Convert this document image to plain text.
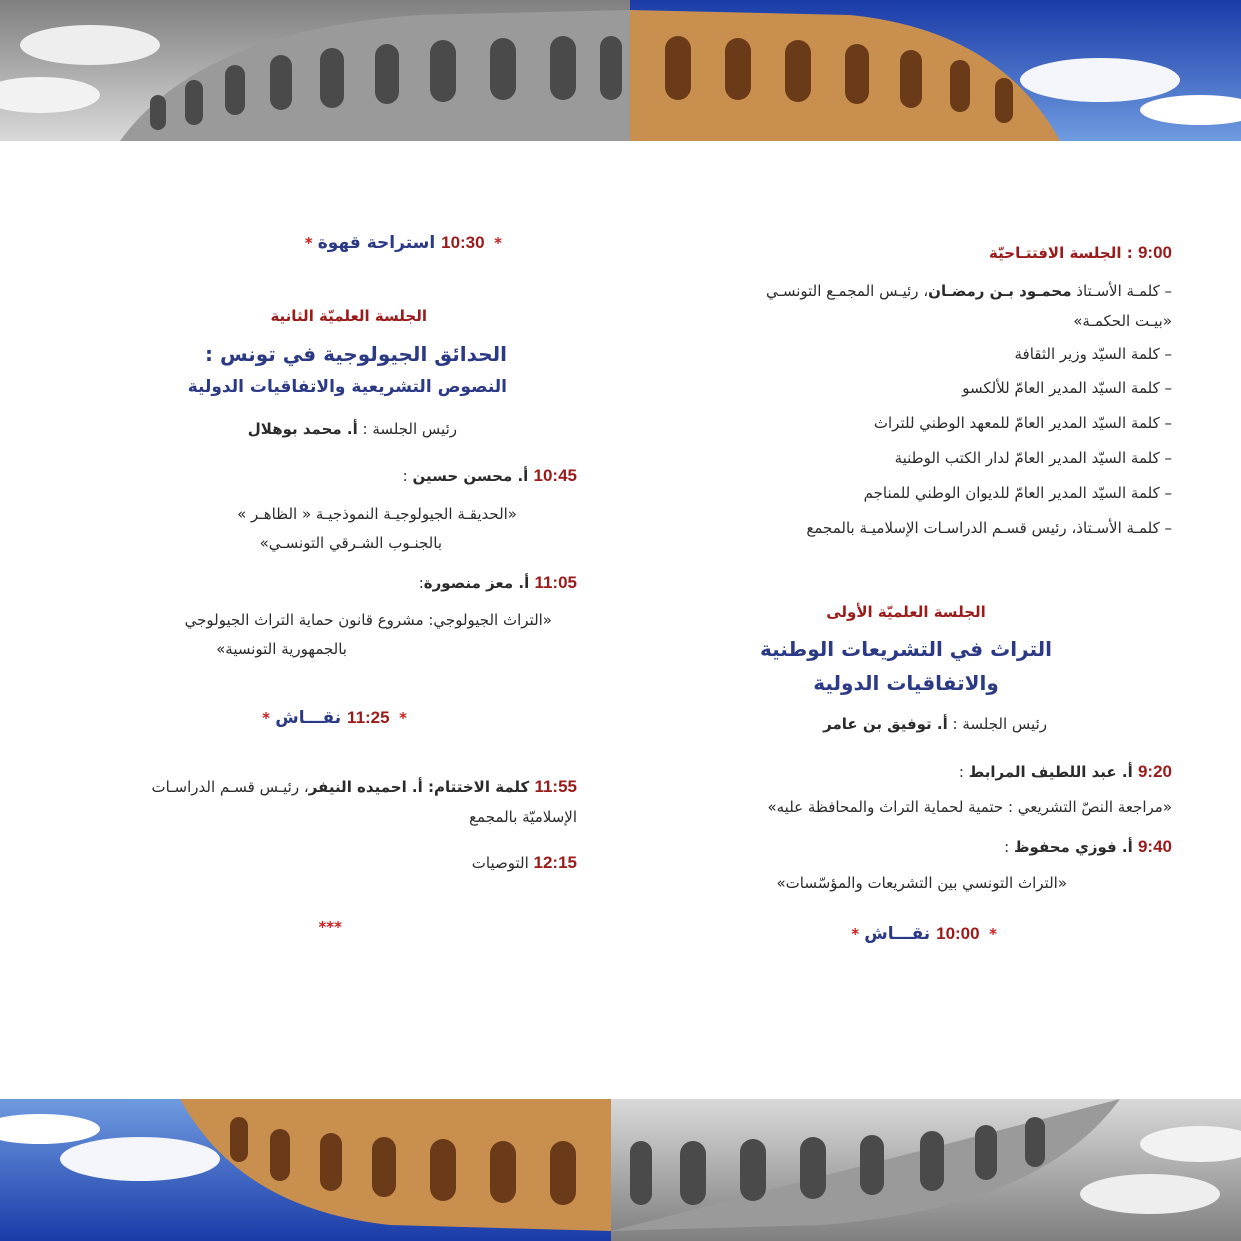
9:00 : الجلسة الافتتـاحيّة
– كلمـة الأسـتاذ محمـود بـن رمضـان، رئيـس المجمـع التونسـي
«بيـت الحكمـة»
– كلمة السيّد وزير الثقافة
– كلمة السيّد المدير العامّ للألكسو
– كلمة السيّد المدير العامّ للمعهد الوطني للتراث
– كلمة السيّد المدير العامّ لدار الكتب الوطنية
– كلمة السيّد المدير العامّ للديوان الوطني للمناجم
– كلمـة الأسـتاذ، رئيس قسـم الدراسـات الإسلاميـة بالمجمع
الجلسة العلميّة الأولى
التراث في التشريعات الوطنية
والاتفاقيات الدولية
رئيس الجلسة : أ. توفيق بن عامر
9:20 أ. عبد اللطيف المرابط :
«مراجعة النصّ التشريعي : حتمية لحماية التراث والمحافظة عليه»
9:40 أ. فوزي محفوظ :
«التراث التونسي بين التشريعات والمؤسّسات»
*  10:00 نقـــاش *
*  10:30 استراحة قهوة *
الجلسة العلميّة الثانية
الحدائق الجيولوجية في تونس :
النصوص التشريعية والاتفاقيات الدولية
رئيس الجلسة : أ. محمد بوهلال
10:45 أ. محسن حسين :
«الحديقـة الجيولوجيـة النموذجيـة « الظاهـر »
بالجنـوب الشـرقي التونسـي»
11:05 أ. معز منصورة:
«التراث الجيولوجي: مشروع قانون حماية التراث الجيولوجي
بالجمهورية التونسية»
*  11:25 نقـــاش *
11:55 كلمة الاختتام: أ. احميده النيفر، رئيـس قسـم الدراسـات
الإسلاميّة بالمجمع
12:15 التوصيات
***
